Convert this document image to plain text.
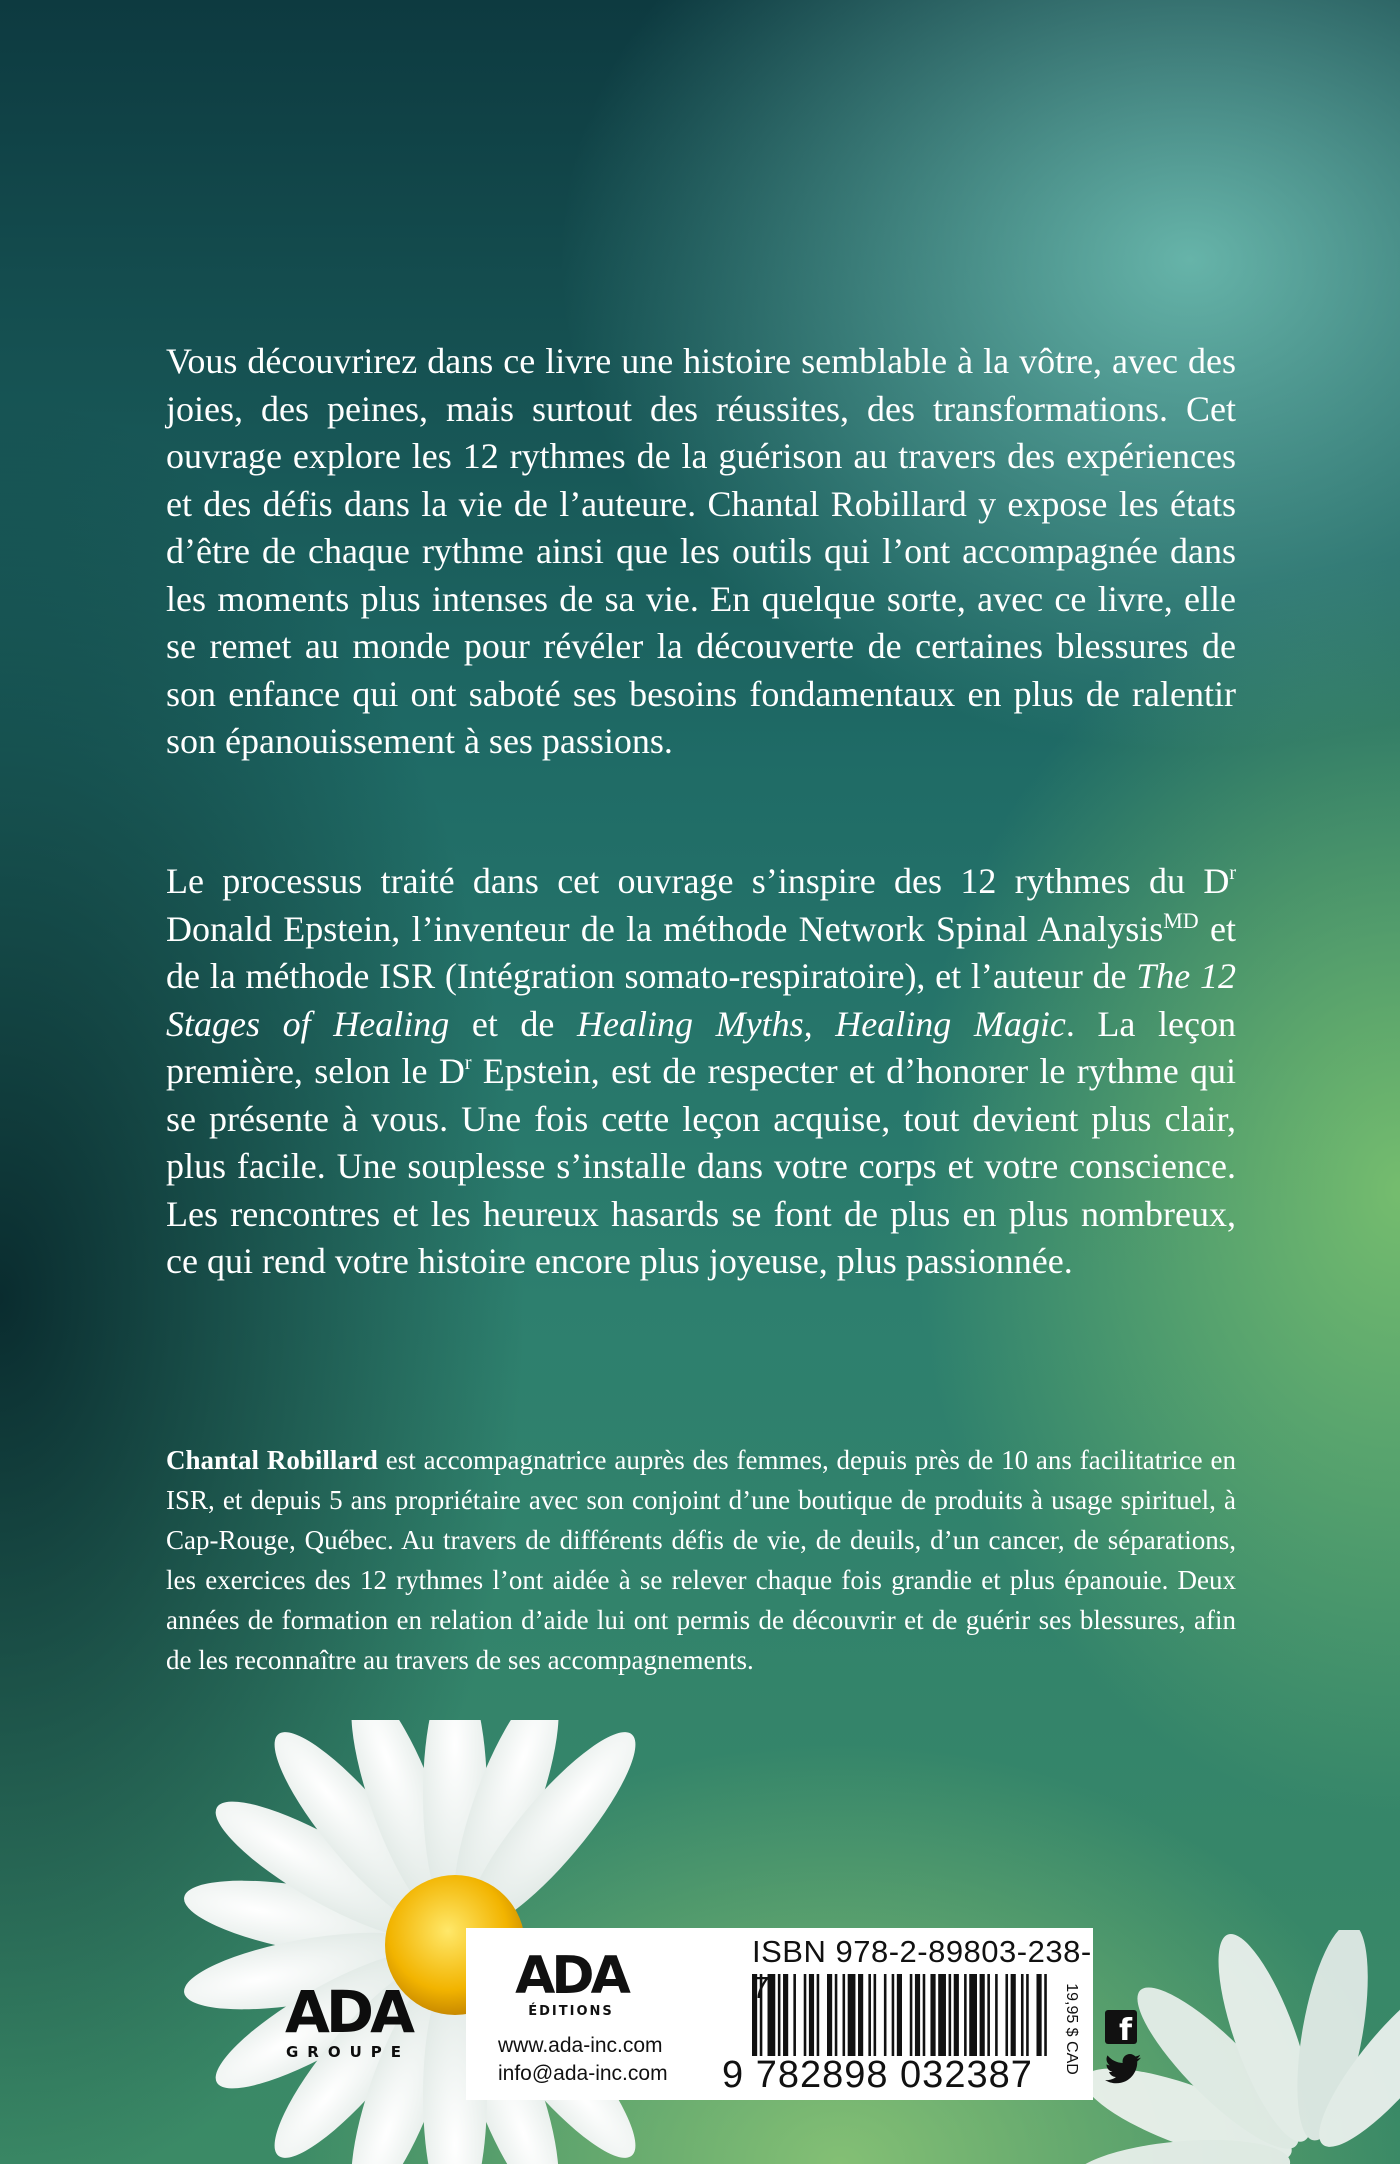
Vous découvrirez dans ce livre une histoire semblable à la vôtre, avec des joies, des peines, mais surtout des réussites, des transformations. Cet ouvrage explore les 12 rythmes de la guérison au travers des expériences et des défis dans la vie de l’auteure. Chantal Robillard y expose les états d’être de chaque rythme ainsi que les outils qui l’ont accompagnée dans les moments plus intenses de sa vie. En quelque sorte, avec ce livre, elle se remet au monde pour révéler la découverte de certaines blessures de son enfance qui ont saboté ses besoins fondamentaux en plus de ralentir son épanouissement à ses passions.
Le processus traité dans cet ouvrage s’inspire des 12 rythmes du $D^r$ Donald Epstein, l’inventeur de la méthode Network Spinal Analysis$^{MD}$ et de la méthode ISR (Intégration somato-respiratoire), et l’auteur de The 12 Stages of Healing et de Healing Myths, Healing Magic. La leçon première, selon le $D^r$ Epstein, est de respecter et d’honorer le rythme qui se présente à vous. Une fois cette leçon acquise, tout devient plus clair, plus facile. Une souplesse s’installe dans votre corps et votre conscience. Les rencontres et les heureux hasards se font de plus en plus nombreux, ce qui rend votre histoire encore plus joyeuse, plus passionnée.
Chantal Robillard est accompagnatrice auprès des femmes, depuis près de 10 ans facilitatrice en ISR, et depuis 5 ans propriétaire avec son conjoint d’une boutique de produits à usage spirituel, à Cap-Rouge, Québec. Au travers de différents défis de vie, de deuils, d’un cancer, de séparations, les exercices des 12 rythmes l’ont aidée à se relever chaque fois grandie et plus épanouie. Deux années de formation en relation d’aide lui ont permis de découvrir et de guérir ses blessures, afin de les reconnaître au travers de ses accompagnements.
ADA
GROUPE
ADA
ÉDITIONS
www.ada-inc.com
info@ada-inc.com
ISBN 978-2-89803-238-7
9 782898 032387
19,95 $ CAD f
